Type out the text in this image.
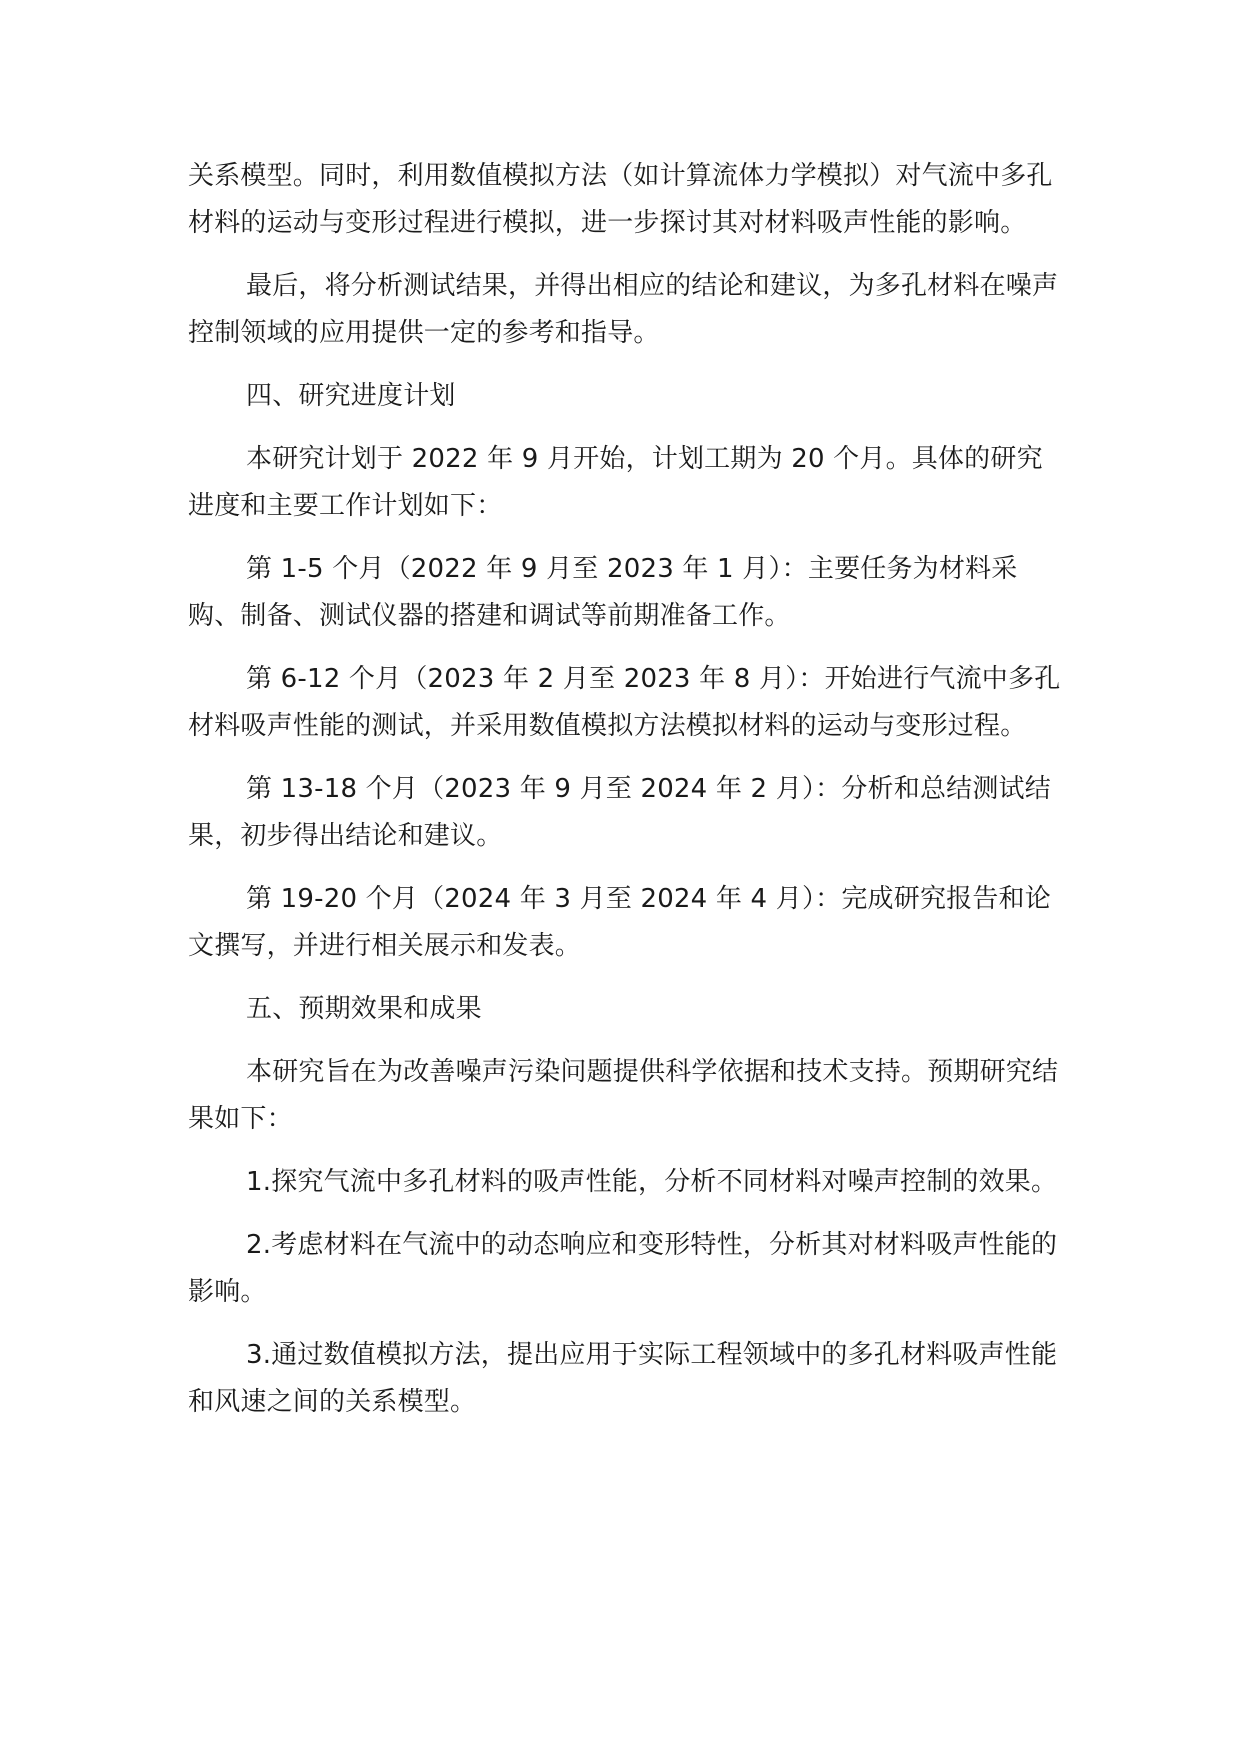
关系模型。同时，利用数值模拟方法（如计算流体力学模拟）对气流中多孔材料的运动与变形过程进行模拟，进一步探讨其对材料吸声性能的影响。

最后，将分析测试结果，并得出相应的结论和建议，为多孔材料在噪声控制领域的应用提供一定的参考和指导。

四、研究进度计划

本研究计划于 2022 年 9 月开始，计划工期为 20 个月。具体的研究进度和主要工作计划如下：

第 1-5 个月（2022 年 9 月至 2023 年 1 月）：主要任务为材料采购、制备、测试仪器的搭建和调试等前期准备工作。

第 6-12 个月（2023 年 2 月至 2023 年 8 月）：开始进行气流中多孔材料吸声性能的测试，并采用数值模拟方法模拟材料的运动与变形过程。

第 13-18 个月（2023 年 9 月至 2024 年 2 月）：分析和总结测试结果，初步得出结论和建议。

第 19-20 个月（2024 年 3 月至 2024 年 4 月）：完成研究报告和论文撰写，并进行相关展示和发表。

五、预期效果和成果

本研究旨在为改善噪声污染问题提供科学依据和技术支持。预期研究结果如下：

1.探究气流中多孔材料的吸声性能，分析不同材料对噪声控制的效果。

2.考虑材料在气流中的动态响应和变形特性，分析其对材料吸声性能的影响。

3.通过数值模拟方法，提出应用于实际工程领域中的多孔材料吸声性能和风速之间的关系模型。
